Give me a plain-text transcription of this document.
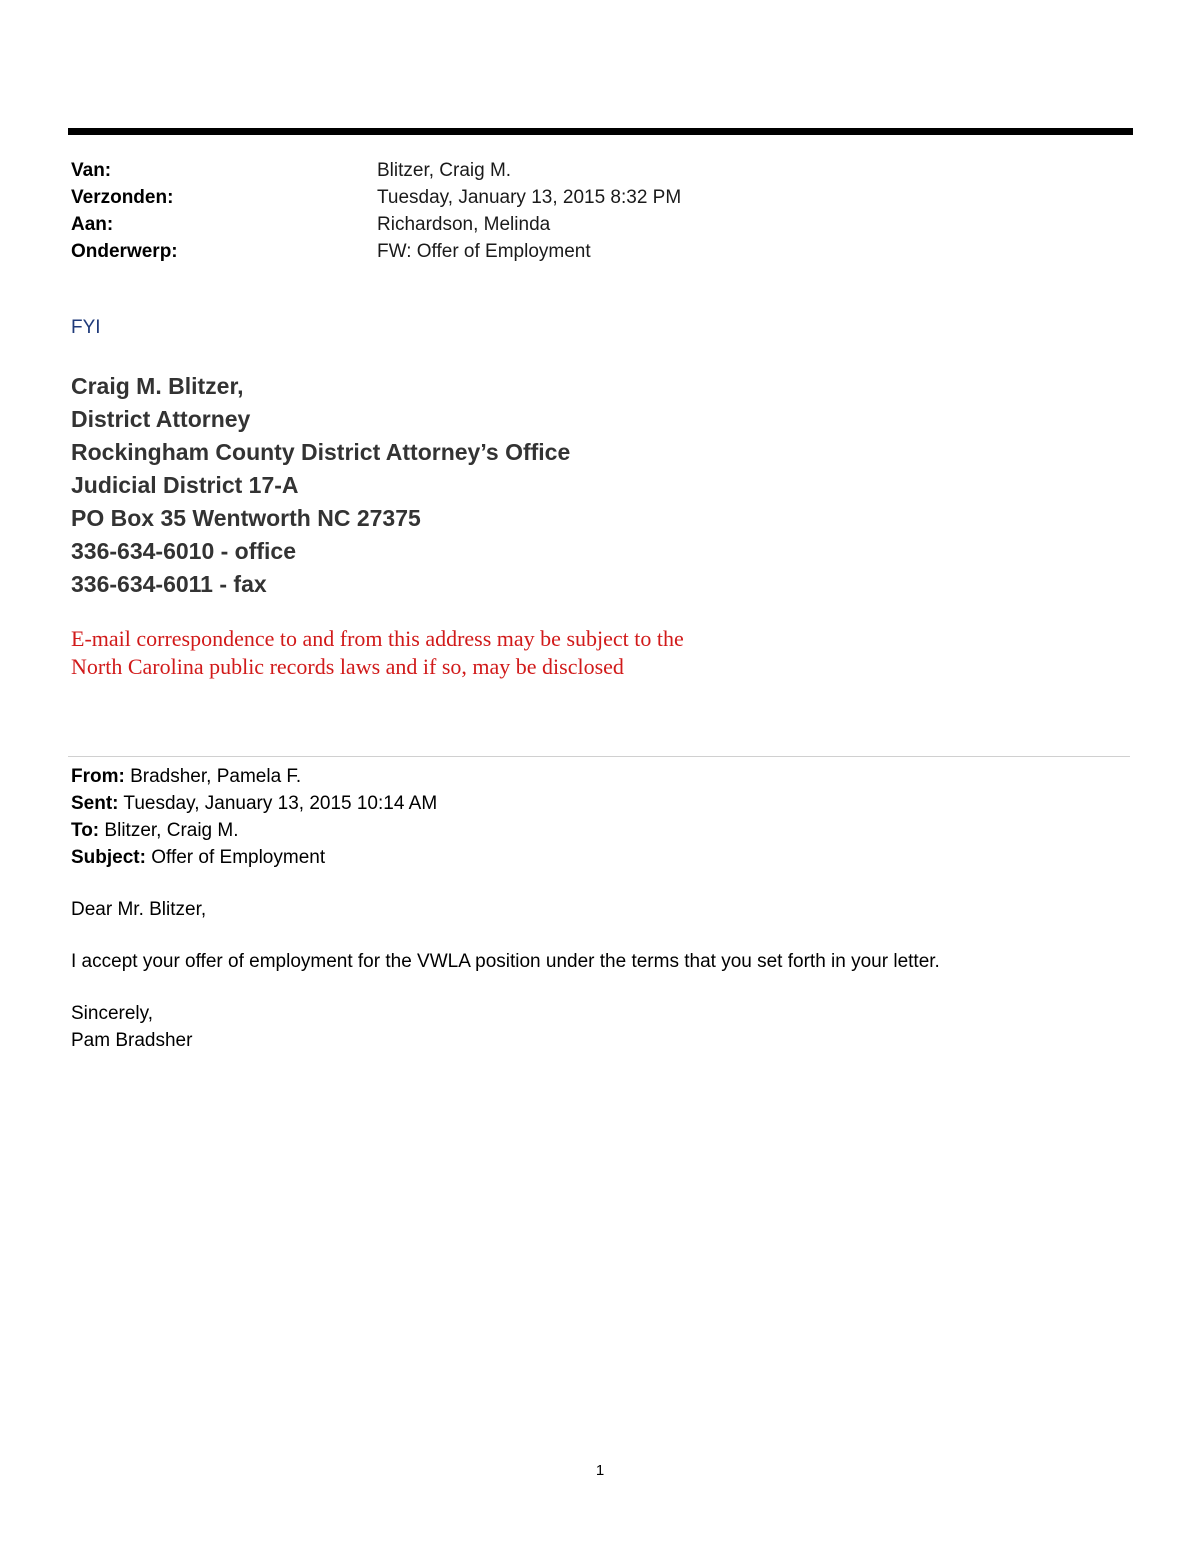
Van:	Blitzer, Craig M.
Verzonden:	Tuesday, January 13, 2015 8:32 PM
Aan:	Richardson, Melinda
Onderwerp:	FW: Offer of Employment
FYI
Craig M. Blitzer,
District Attorney
Rockingham County District Attorney’s Office
Judicial District 17-A
PO Box 35 Wentworth NC 27375
336-634-6010 - office
336-634-6011 - fax
E-mail correspondence to and from this address may be subject to the
North Carolina public records laws and if so, may be disclosed
From: Bradsher, Pamela F.
Sent: Tuesday, January 13, 2015 10:14 AM
To: Blitzer, Craig M.
Subject: Offer of Employment
Dear Mr. Blitzer,
I accept your offer of employment for the VWLA position under the terms that you set forth in your letter.
Sincerely,
Pam Bradsher
1
